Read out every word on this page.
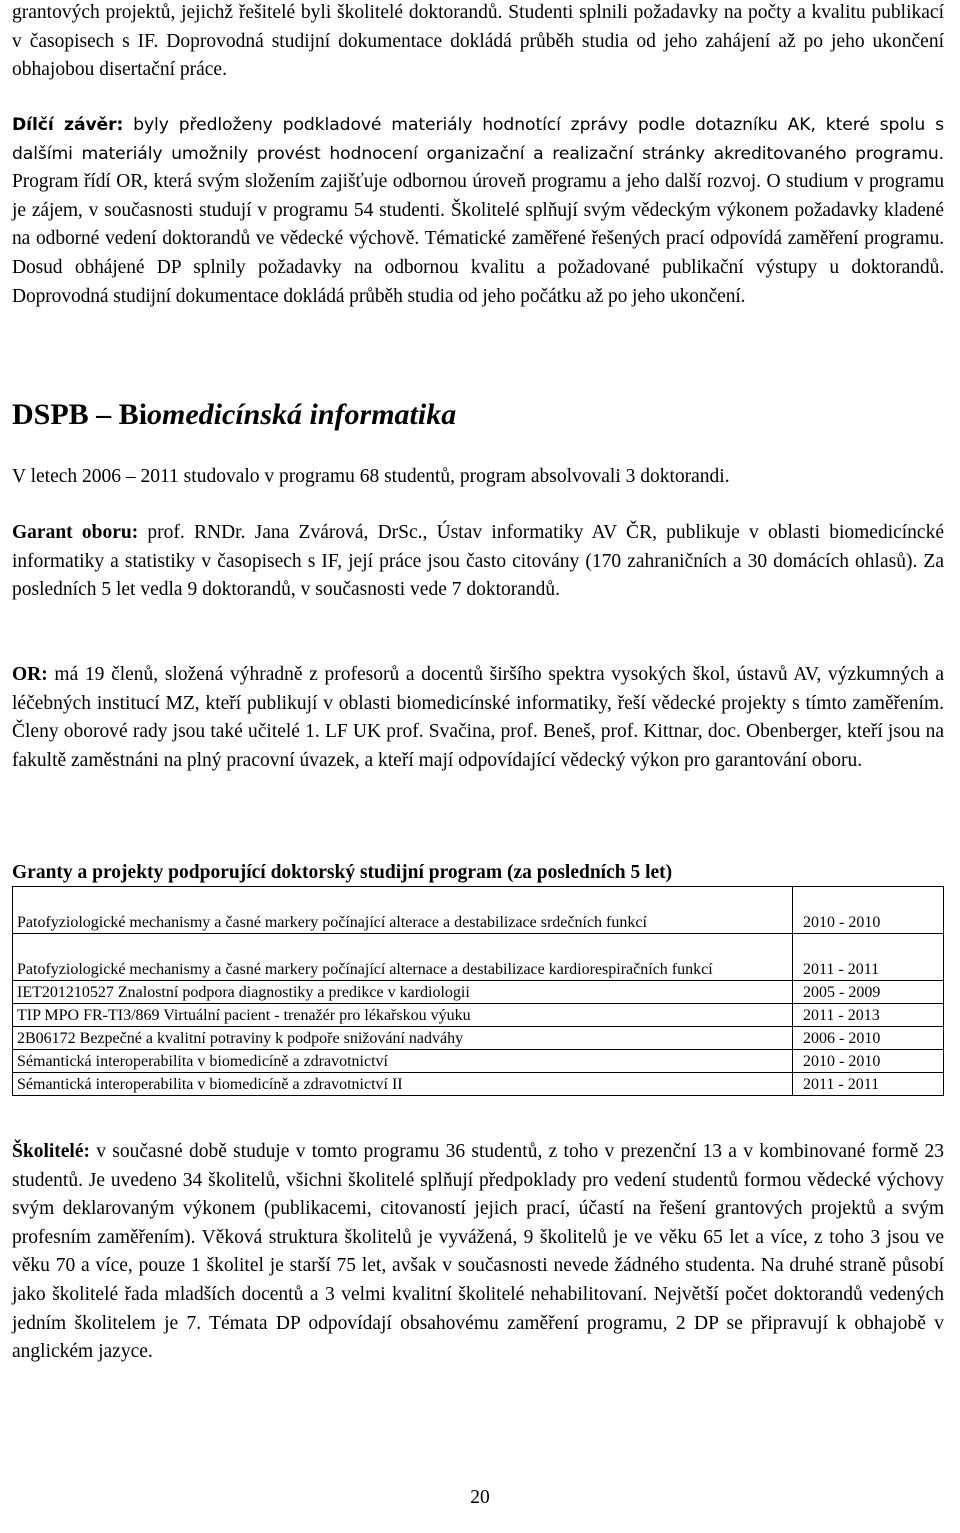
grantových projektů, jejichž řešitelé byli školitelé doktorandů. Studenti splnili požadavky na počty a kvalitu publikací v časopisech s IF. Doprovodná studijní dokumentace dokládá průběh studia od jeho zahájení až po jeho ukončení obhajobou disertační práce.

Dílčí závěr: byly předloženy podkladové materiály hodnotící zprávy podle dotazníku AK, které spolu s dalšími materiály umožnily provést hodnocení organizační a realizační stránky akreditovaného programu. Program řídí OR, která svým složením zajišťuje odbornou úroveň programu a jeho další rozvoj. O studium v programu je zájem, v současnosti studují v programu 54 studenti. Školitelé splňují svým vědeckým výkonem požadavky kladené na odborné vedení doktorandů ve vědecké výchově. Tématické zaměřené řešených prací odpovídá zaměření programu. Dosud obhájené DP splnily požadavky na odbornou kvalitu a požadované publikační výstupy u doktorandů. Doprovodná studijní dokumentace dokládá průběh studia od jeho počátku až po jeho ukončení.

DSPB – Biomedicínská informatika

V letech 2006 – 2011 studovalo v programu 68 studentů, program absolvovali 3 doktorandi.

Garant oboru: prof. RNDr. Jana Zvárová, DrSc., Ústav informatiky AV ČR, publikuje v oblasti biomedicíncké informatiky a statistiky v časopisech s IF, její práce jsou často citovány (170 zahraničních a 30 domácích ohlasů). Za posledních 5 let vedla 9 doktorandů, v současnosti vede 7 doktorandů.

OR: má 19 členů, složená výhradně z profesorů a docentů širšího spektra vysokých škol, ústavů AV, výzkumných a léčebných institucí MZ, kteří publikují v oblasti biomedicínské informatiky, řeší vědecké projekty s tímto zaměřením. Členy oborové rady jsou také učitelé 1. LF UK prof. Svačina, prof. Beneš, prof. Kittnar, doc. Obenberger, kteří jsou na fakultě zaměstnáni na plný pracovní úvazek, a kteří mají odpovídající vědecký výkon pro garantování oboru.

Granty a projekty podporující doktorský studijní program (za posledních 5 let)
Patofyziologické mechanismy a časné markery počínající alterace a destabilizace srdečních funkcí	2010 - 2010
Patofyziologické mechanismy a časné markery počínající alternace a destabilizace kardiorespiračních funkcí	2011 - 2011
IET201210527 Znalostní podpora diagnostiky a predikce v kardiologii	2005 - 2009
TIP MPO FR-TI3/869 Virtuální pacient - trenažér pro lékařskou výuku	2011 - 2013
2B06172 Bezpečné a kvalitní potraviny k podpoře snižování nadváhy	2006 - 2010
Sémantická interoperabilita v biomedicíně a zdravotnictví	2010 - 2010
Sémantická interoperabilita v biomedicíně a zdravotnictví II	2011 - 2011

Školitelé: v současné době studuje v tomto programu 36 studentů, z toho v prezenční 13 a v kombinované formě 23 studentů. Je uvedeno 34 školitelů, všichni školitelé splňují předpoklady pro vedení studentů formou vědecké výchovy svým deklarovaným výkonem (publikacemi, citovaností jejich prací, účastí na řešení grantových projektů a svým profesním zaměřením). Věková struktura školitelů je vyvážená, 9 školitelů je ve věku 65 let a více, z toho 3 jsou ve věku 70 a více, pouze 1 školitel je starší 75 let, avšak v současnosti nevede žádného studenta. Na druhé straně působí jako školitelé řada mladších docentů a 3 velmi kvalitní školitelé nehabilitovaní. Největší počet doktorandů vedených jedním školitelem je 7. Témata DP odpovídají obsahovému zaměření programu, 2 DP se připravují k obhajobě v anglickém jazyce.

20
